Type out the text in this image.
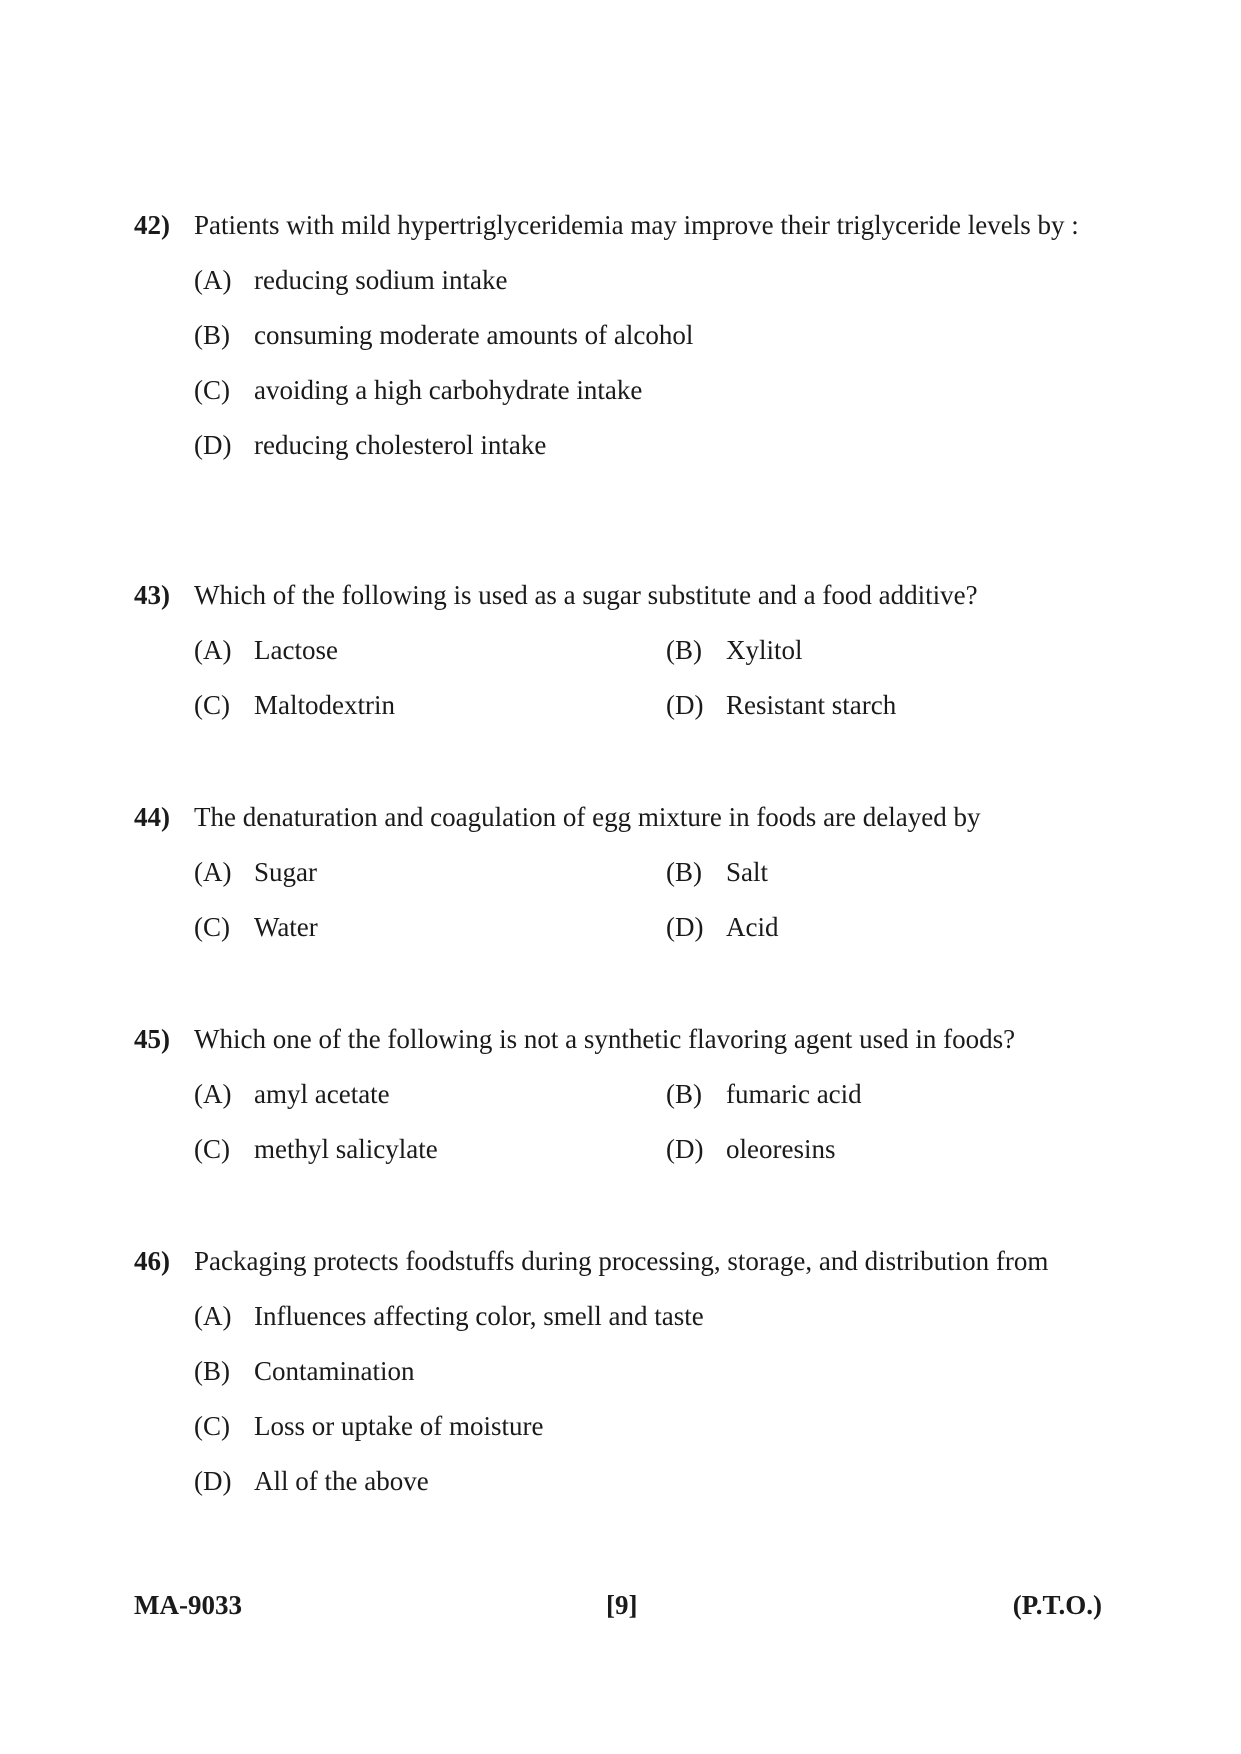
42) Patients with mild hypertriglyceridemia may improve their triglyceride levels by :
(A) reducing sodium intake
(B) consuming moderate amounts of alcohol
(C) avoiding a high carbohydrate intake
(D) reducing cholesterol intake
43) Which of the following is used as a sugar substitute and a food additive?
(A) Lactose	(B) Xylitol
(C) Maltodextrin	(D) Resistant starch
44) The denaturation and coagulation of egg mixture in foods are delayed by
(A) Sugar	(B) Salt
(C) Water	(D) Acid
45) Which one of the following is not a synthetic flavoring agent used in foods?
(A) amyl acetate	(B) fumaric acid
(C) methyl salicylate	(D) oleoresins
46) Packaging protects foodstuffs during processing, storage, and distribution from
(A) Influences affecting color, smell and taste
(B) Contamination
(C) Loss or uptake of moisture
(D) All of the above
MA-9033	[9]	(P.T.O.)
